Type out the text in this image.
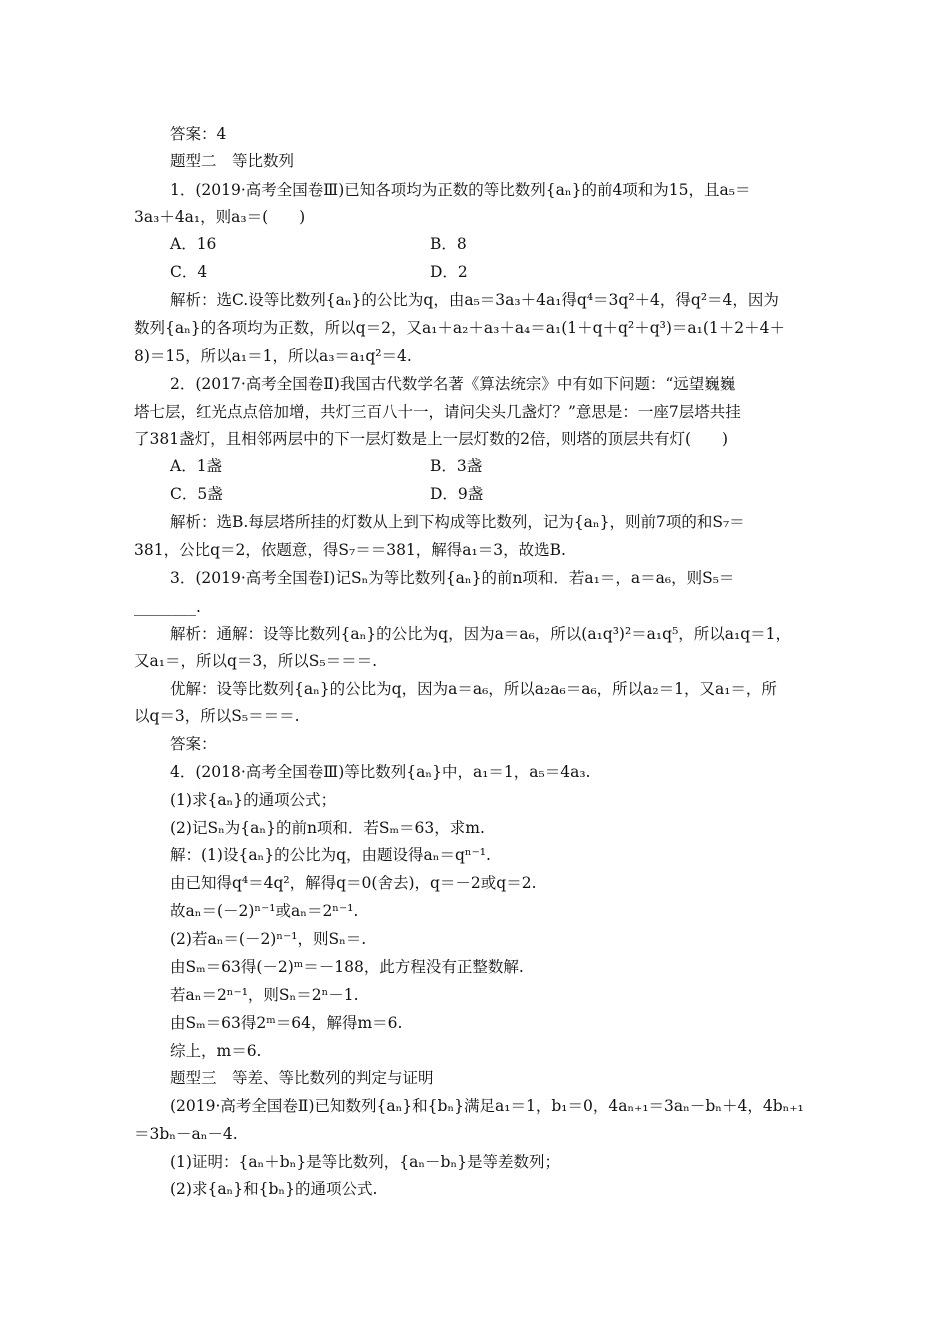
答案：4
题型二　等比数列
1．(2019·高考全国卷Ⅲ)已知各项均为正数的等比数列{aₙ}的前4项和为15，且a₅＝
3a₃＋4a₁，则a₃＝(　　)
A．16	B．8
C．4	D．2
解析：选C.设等比数列{aₙ}的公比为q，由a₅＝3a₃＋4a₁得q⁴＝3q²＋4，得q²＝4，因为
数列{aₙ}的各项均为正数，所以q＝2，又a₁＋a₂＋a₃＋a₄＝a₁(1＋q＋q²＋q³)＝a₁(1＋2＋4＋
8)＝15，所以a₁＝1，所以a₃＝a₁q²＝4.
2．(2017·高考全国卷Ⅱ)我国古代数学名著《算法统宗》中有如下问题：“远望巍巍
塔七层，红光点点倍加增，共灯三百八十一，请问尖头几盏灯？”意思是：一座7层塔共挂
了381盏灯，且相邻两层中的下一层灯数是上一层灯数的2倍，则塔的顶层共有灯(　　)
A．1盏	B．3盏
C．5盏	D．9盏
解析：选B.每层塔所挂的灯数从上到下构成等比数列，记为{aₙ}，则前7项的和S₇＝
381，公比q＝2，依题意，得S₇＝＝381，解得a₁＝3，故选B.
3．(2019·高考全国卷Ⅰ)记Sₙ为等比数列{aₙ}的前n项和．若a₁＝，a＝a₆，则S₅＝
________.
解析：通解：设等比数列{aₙ}的公比为q，因为a＝a₆，所以(a₁q³)²＝a₁q⁵，所以a₁q＝1，
又a₁＝，所以q＝3，所以S₅＝＝＝.
优解：设等比数列{aₙ}的公比为q，因为a＝a₆，所以a₂a₆＝a₆，所以a₂＝1，又a₁＝，所
以q＝3，所以S₅＝＝＝.
答案：
4．(2018·高考全国卷Ⅲ)等比数列{aₙ}中，a₁＝1，a₅＝4a₃.
(1)求{aₙ}的通项公式；
(2)记Sₙ为{aₙ}的前n项和．若Sₘ＝63，求m.
解：(1)设{aₙ}的公比为q，由题设得aₙ＝qⁿ⁻¹.
由已知得q⁴＝4q²，解得q＝0(舍去)，q＝－2或q＝2.
故aₙ＝(－2)ⁿ⁻¹或aₙ＝2ⁿ⁻¹.
(2)若aₙ＝(－2)ⁿ⁻¹，则Sₙ＝.
由Sₘ＝63得(－2)ᵐ＝－188，此方程没有正整数解.
若aₙ＝2ⁿ⁻¹，则Sₙ＝2ⁿ－1.
由Sₘ＝63得2ᵐ＝64，解得m＝6.
综上，m＝6.
题型三　等差、等比数列的判定与证明
(2019·高考全国卷Ⅱ)已知数列{aₙ}和{bₙ}满足a₁＝1，b₁＝0，4aₙ₊₁＝3aₙ－bₙ＋4，4bₙ₊₁
＝3bₙ－aₙ－4.
(1)证明：{aₙ＋bₙ}是等比数列，{aₙ－bₙ}是等差数列；
(2)求{aₙ}和{bₙ}的通项公式.
